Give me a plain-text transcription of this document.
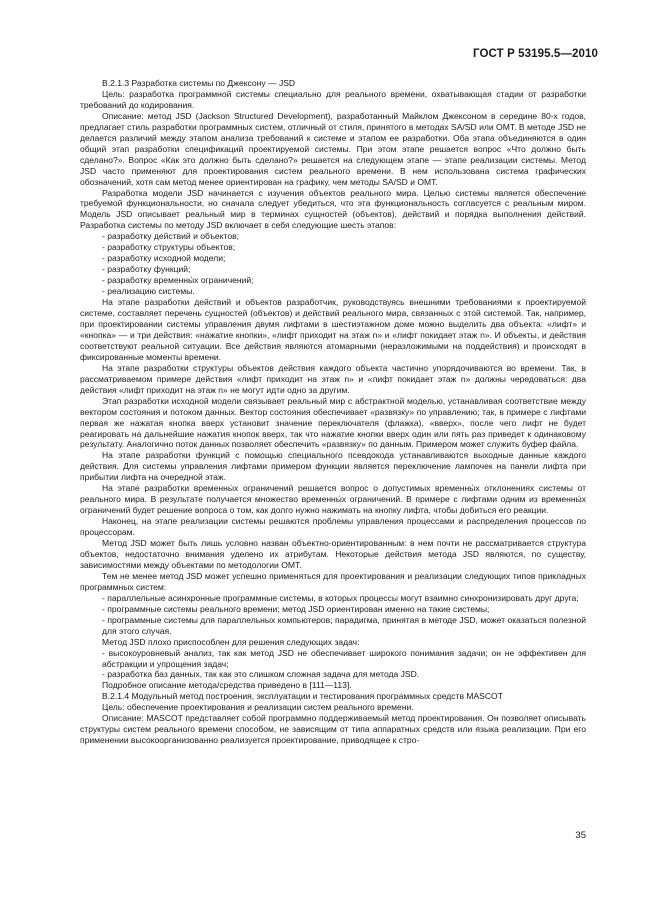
ГОСТ Р 53195.5—2010

В.2.1.3 Разработка системы по Джексону — JSD

Цель: разработка программной системы специально для реального времени, охватывающая стадии от разработки требований до кодирования.

Описание: метод JSD (Jackson Structured Development), разработанный Майклом Джексоном в середине 80-х годов, предлагает стиль разработки программных систем, отличный от стиля, принятого в методах SA/SD или OMT. В методе JSD не делается различий между этапом анализа требований к системе и этапом ее разработки. Оба этапа объединяются в один общий этап разработки спецификаций проектируемой системы. При этом этапе решается вопрос «Что должно быть сделано?». Вопрос «Как это должно быть сделано?» решается на следующем этапе — этапе реализации системы. Метод JSD часто применяют для проектирования систем реального времени. В нем использована система графических обозначений, хотя сам метод менее ориентирован на графику, чем методы SA/SD и OMT.

Разработка модели JSD начинается с изучения объектов реального мира. Целью системы является обеспечение требуемой функциональности, но сначала следует убедиться, что эта функциональность согласуется с реальным миром. Модель JSD описывает реальный мир в терминах сущностей (объектов), действий и порядка выполнения действий. Разработка системы по методу JSD включает в себя следующие шесть этапов:

- разработку действий и объектов;
- разработку структуры объектов;
- разработку исходной модели;
- разработку функций;
- разработку временны́х ограничений;
- реализацию системы.

На этапе разработки действий и объектов разработчик, руководствуясь внешними требованиями к проектируемой системе, составляет перечень сущностей (объектов) и действий реального мира, связанных с этой системой. Так, например, при проектировании системы управления двумя лифтами в шестиэтажном доме можно выделить два объекта: «лифт» и «кнопка» — и три действия: «нажатие кнопки», «лифт приходит на этаж n» и «лифт покидает этаж n». И объекты, и действия соответствуют реальной ситуации. Все действия являются атомарными (неразложимыми на поддействия) и происходят в фиксированные моменты времени.

На этапе разработки структуры объектов действия каждого объекта частично упорядочиваются во времени. Так, в рассматриваемом примере действия «лифт приходит на этаж n» и «лифт покидает этаж n» должны чередоваться: два действия «лифт приходит на этаж n» не могут идти одно за другим.

Этап разработки исходной модели связывает реальный мир с абстрактной моделью, устанавливая соответствие между вектором состояния и потоком данных. Вектор состояния обеспечивает «развязку» по управлению; так, в примере с лифтами первая же нажатая кнопка вверх установит значение переключателя (флажка), «вверх», после чего лифт не будет реагировать на дальнейшие нажатия кнопок вверх, так что нажатие кнопки вверх один или пять раз приведет к одинаковому результату. Аналогично поток данных позволяет обеспечить «развязку» по данным. Примером может служить буфер файла.

На этапе разработки функций с помощью специального псевдокода устанавливаются выходные данные каждого действия. Для системы управления лифтами примером функции является переключение лампочек на панели лифта при прибытии лифта на очередной этаж.

На этапе разработки временны́х ограничений решается вопрос о допустимых временны́х отклонениях системы от реального мира. В результате получается множество временны́х ограничений. В примере с лифтами одним из временны́х ограничений будет решение вопроса о том, как долго нужно нажимать на кнопку лифта, чтобы добиться его реакции.

Наконец, на этапе реализации системы решаются проблемы управления процессами и распределения процессов по процессорам.

Метод JSD может быть лишь условно назван объектно-ориентированным: в нем почти не рассматривается структура объектов, недостаточно внимания уделено их атрибутам. Некоторые действия метода JSD являются, по существу, зависимостями между объектами по методологии OMT.

Тем не менее метод JSD может успешно применяться для проектирования и реализации следующих типов прикладных программных систем:

- параллельные асинхронные программные системы, в которых процессы могут взаимно синхронизировать друг друга;
- программные системы реального времени; метод JSD ориентирован именно на такие системы;
- программные системы для параллельных компьютеров; парадигма, принятая в методе JSD, может оказаться полезной для этого случая.

Метод JSD плохо приспособлен для решения следующих задач:

- высокоуровневый анализ, так как метод JSD не обеспечивает широкого понимания задачи; он не эффективен для абстракции и упрощения задач;
- разработка баз данных, так как это слишком сложная задача для метода JSD.

Подробное описание метода/средства приведено в [111—113].

В.2.1.4 Модульный метод построения, эксплуатации и тестирования программных средств MASCOT

Цель: обеспечение проектирования и реализации систем реального времени.

Описание: MASCOT представляет собой программно поддерживаемый метод проектирования. Он позволяет описывать структуры систем реального времени способом, не зависящим от типа аппаратных средств или языка реализации. При его применении высокоорганизованно реализуется проектирование, приводящее к стро-

35
